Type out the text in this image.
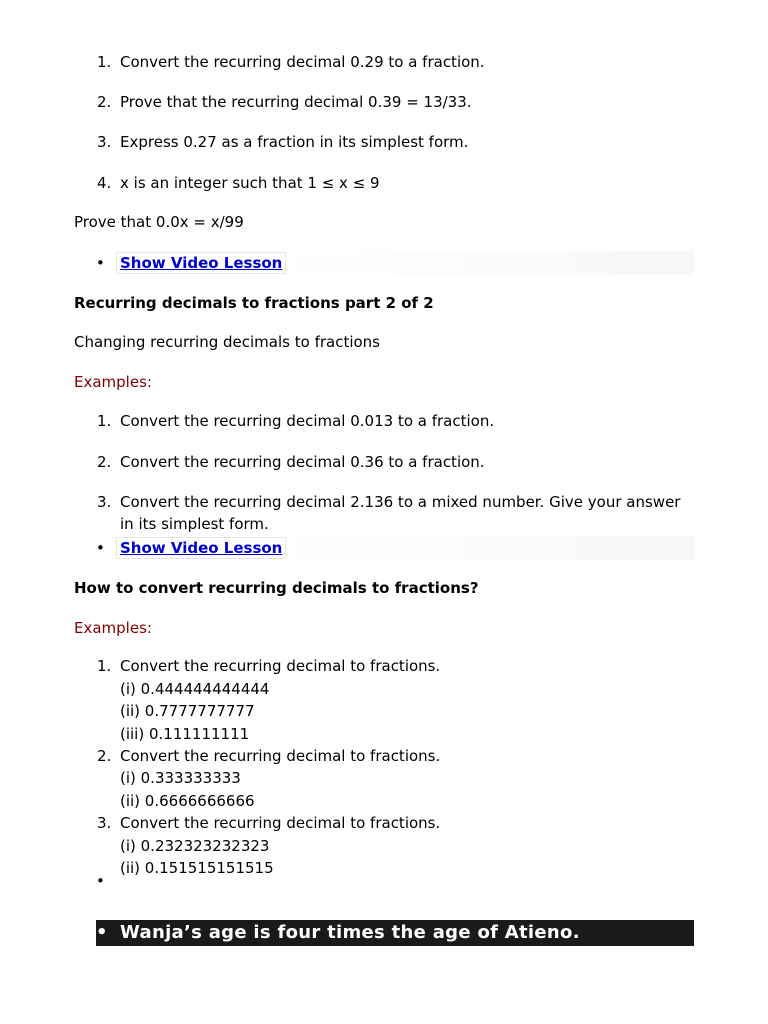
1. Convert the recurring decimal 0.29 to a fraction.
2. Prove that the recurring decimal 0.39 = 13/33.
3. Express 0.27 as a fraction in its simplest form.
4. x is an integer such that 1 ≤ x ≤ 9
Prove that 0.0x = x/99
• Show Video Lesson
Recurring decimals to fractions part 2 of 2
Changing recurring decimals to fractions
Examples:
1. Convert the recurring decimal 0.013 to a fraction.
2. Convert the recurring decimal 0.36 to a fraction.
3. Convert the recurring decimal 2.136 to a mixed number. Give your answer
in its simplest form.
• Show Video Lesson
How to convert recurring decimals to fractions?
Examples:
1. Convert the recurring decimal to fractions.
(i) 0.444444444444
(ii) 0.7777777777
(iii) 0.111111111
2. Convert the recurring decimal to fractions.
(i) 0.333333333
(ii) 0.6666666666
3. Convert the recurring decimal to fractions.
(i) 0.232323232323
(ii) 0.151515151515
•
• Wanja’s age is four times the age of Atieno.
